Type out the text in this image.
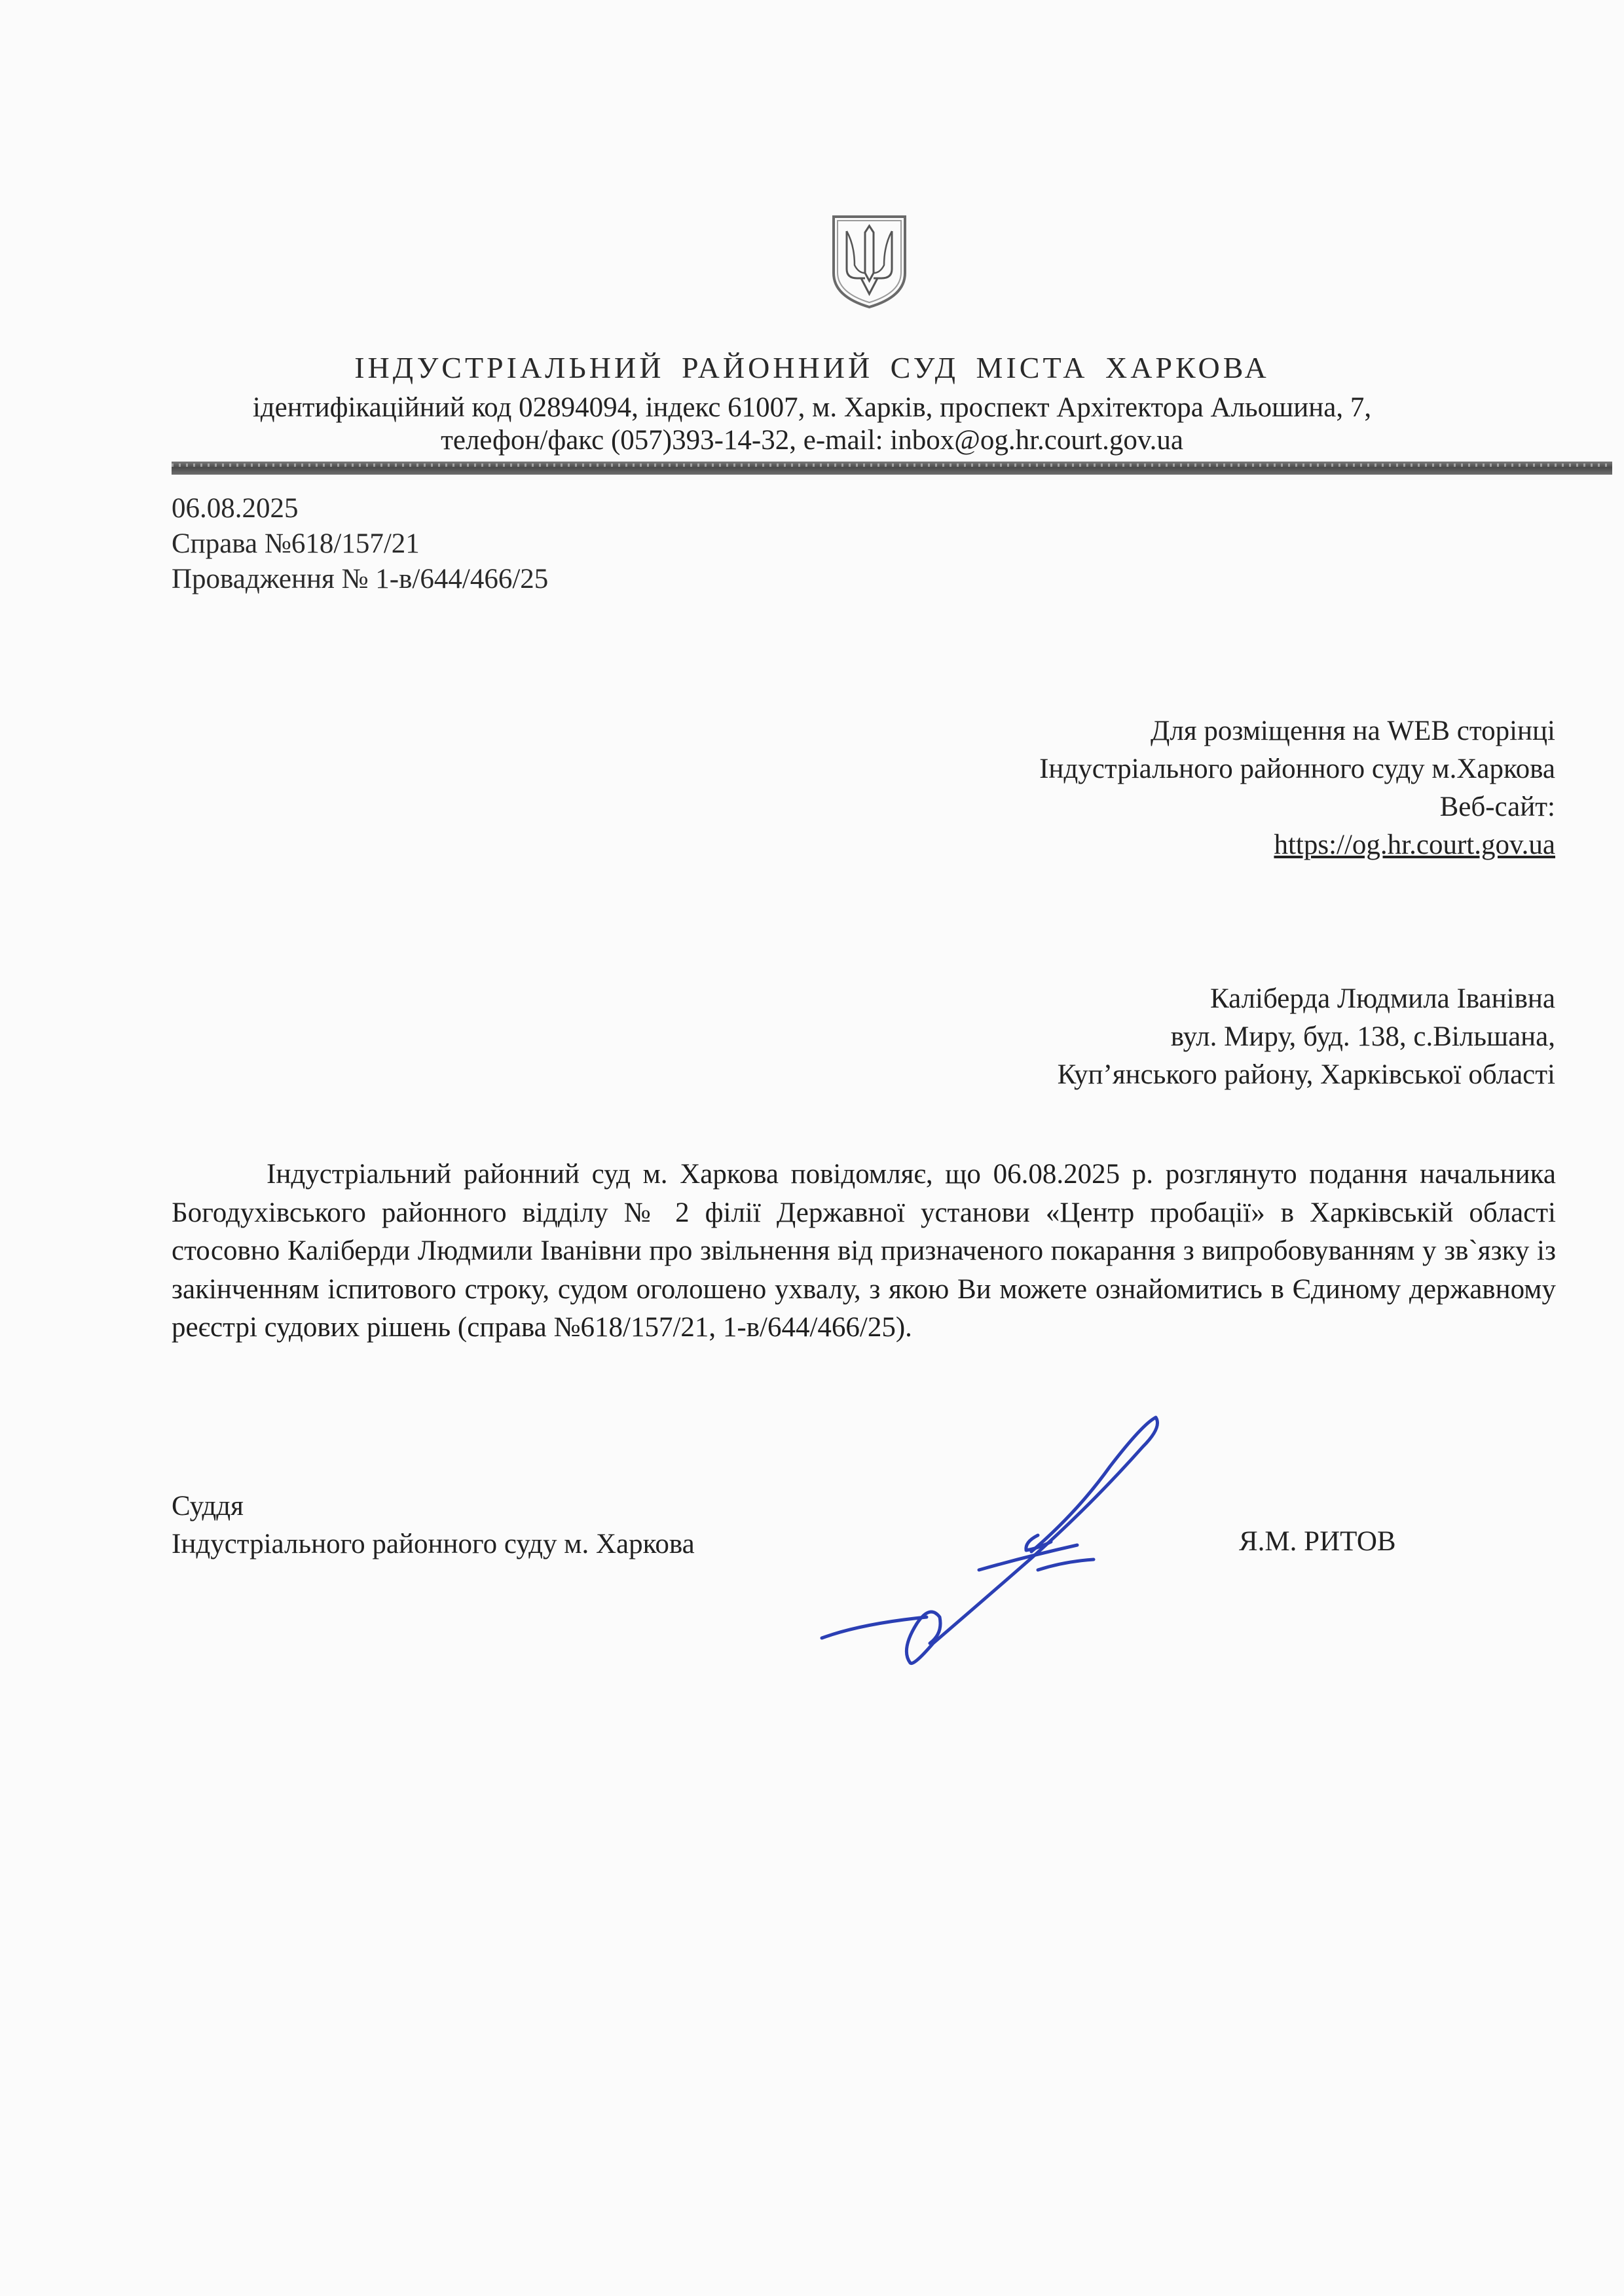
ІНДУСТРІАЛЬНИЙ РАЙОННИЙ СУД МІСТА ХАРКОВА
ідентифікаційний код 02894094, індекс 61007, м. Харків, проспект Архітектора Альошина, 7,
телефон/факс (057)393-14-32, e-mail: inbox@og.hr.court.gov.ua
06.08.2025
Справа №618/157/21
Провадження № 1-в/644/466/25
Для розміщення на WEB сторінці
Індустріального районного суду м.Харкова
Веб-сайт:
https://og.hr.court.gov.ua
Каліберда Людмила Іванівна
вул. Миру, буд. 138, с.Вільшана,
Куп’янського району, Харківської області
Індустріальний районний суд м. Харкова повідомляє, що 06.08.2025 р. розглянуто подання начальника Богодухівського районного відділу № 2 філії Державної установи «Центр пробації» в Харківській області стосовно Каліберди Людмили Іванівни про звільнення від призначеного покарання з випробовуванням у зв`язку із закінченням іспитового строку, судом оголошено ухвалу, з якою Ви можете ознайомитись в Єдиному державному реєстрі судових рішень (справа №618/157/21, 1-в/644/466/25).
Суддя
Індустріального районного суду м. Харкова	Я.М. РИТОВ
